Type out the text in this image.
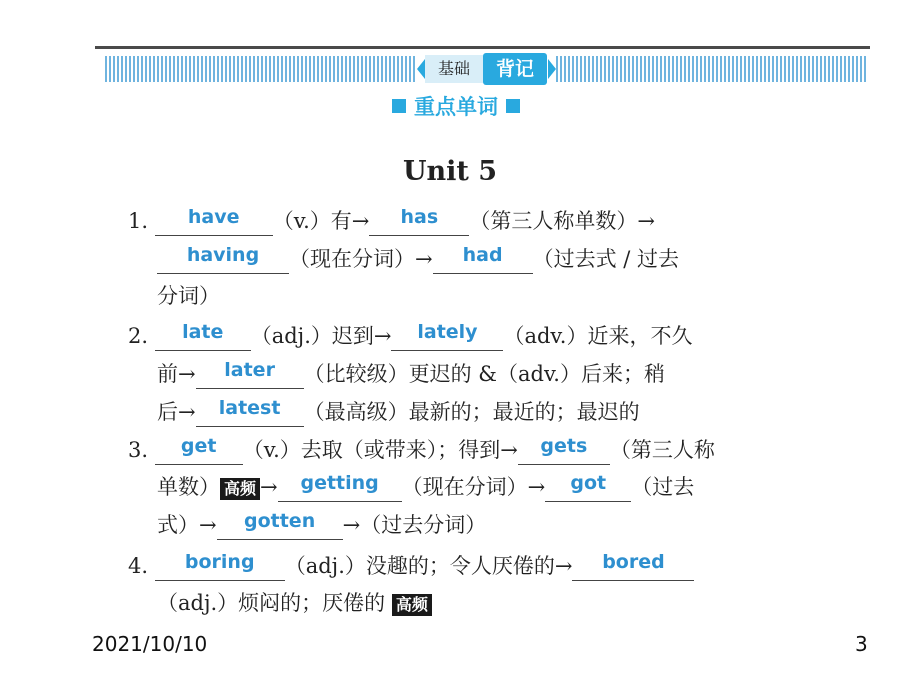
基础	背记
重点单词
Unit 5
1. have （v.）有→ has （第三人称单数）→
having （现在分词）→ had （过去式 / 过去
分词）
2. late （adj.）迟到→ lately （adv.）近来，不久
前→ later （比较级）更迟的 &（adv.）后来；稍
后→ latest （最高级）最新的；最近的；最迟的
3. get （v.）去取（或带来）；得到→ gets （第三人称
单数） 高频 → getting （现在分词）→ got （过去
式）→ gotten →（过去分词）
4. boring （adj.）没趣的；令人厌倦的→ bored
（adj.）烦闷的；厌倦的 高频
2021/10/10	3
